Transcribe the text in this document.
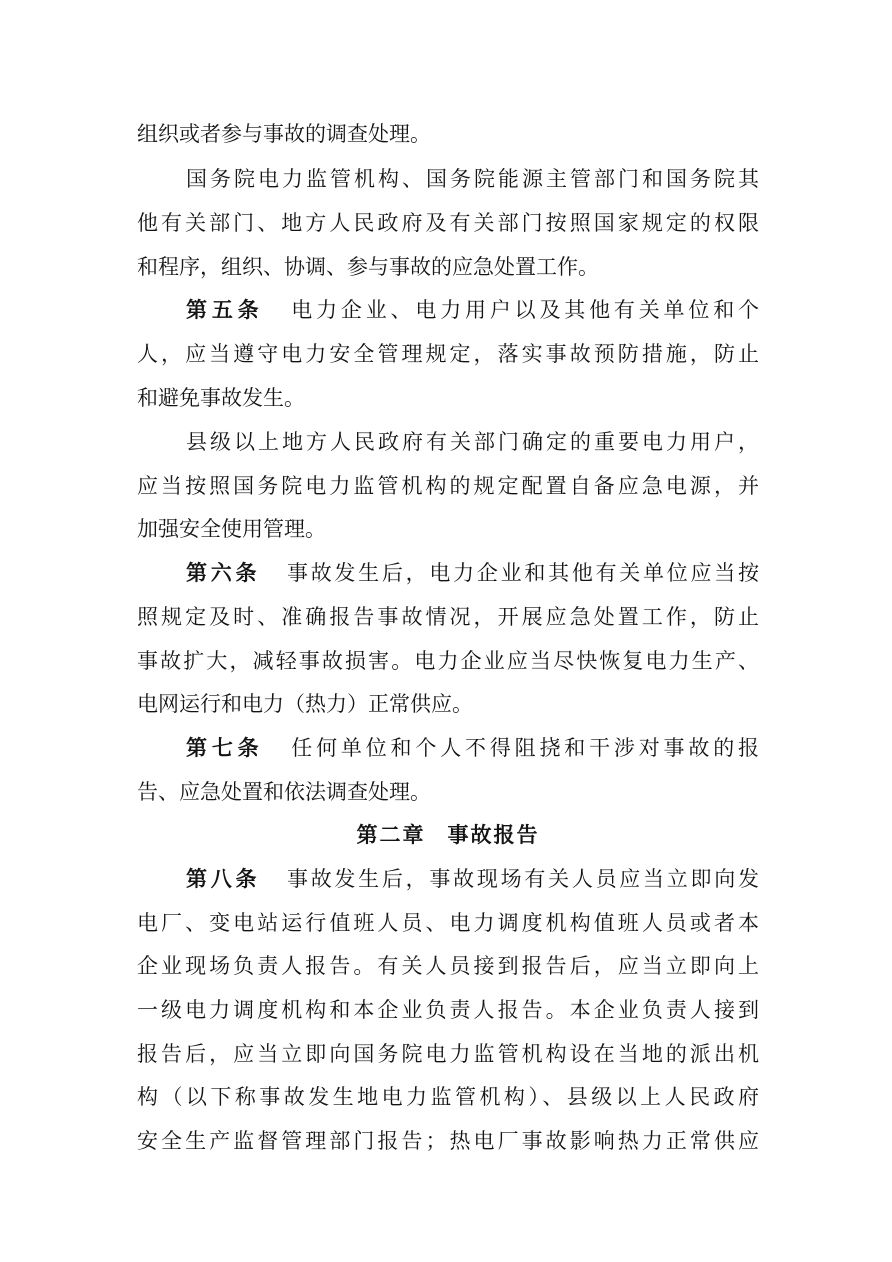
组织或者参与事故的调查处理。
国务院电力监管机构、国务院能源主管部门和国务院其
他有关部门、地方人民政府及有关部门按照国家规定的权限
和程序，组织、协调、参与事故的应急处置工作。
第五条 电力企业、电力用户以及其他有关单位和个
人，应当遵守电力安全管理规定，落实事故预防措施，防止
和避免事故发生。
县级以上地方人民政府有关部门确定的重要电力用户，
应当按照国务院电力监管机构的规定配置自备应急电源，并
加强安全使用管理。
第六条 事故发生后，电力企业和其他有关单位应当按
照规定及时、准确报告事故情况，开展应急处置工作，防止
事故扩大，减轻事故损害。电力企业应当尽快恢复电力生产、
电网运行和电力（热力）正常供应。
第七条 任何单位和个人不得阻挠和干涉对事故的报
告、应急处置和依法调查处理。
第二章 事故报告
第八条 事故发生后，事故现场有关人员应当立即向发
电厂、变电站运行值班人员、电力调度机构值班人员或者本
企业现场负责人报告。有关人员接到报告后，应当立即向上
一级电力调度机构和本企业负责人报告。本企业负责人接到
报告后，应当立即向国务院电力监管机构设在当地的派出机
构（以下称事故发生地电力监管机构）、县级以上人民政府
安全生产监督管理部门报告；热电厂事故影响热力正常供应
